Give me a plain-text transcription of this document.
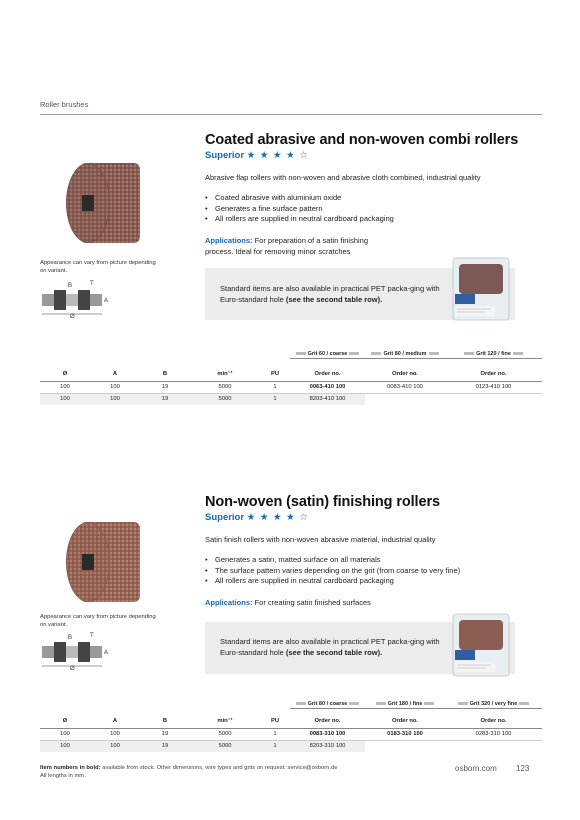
Roller brushes
Appearance can vary from picture depending on variant.
B	T
A
Ø
Coated abrasive and non-woven combi rollers
Superior ★ ★ ★ ★ ☆
Abrasive flap rollers with non-woven and abrasive cloth combined, industrial quality
• Coated abrasive with aluminium oxide
• Generates a fine surface pattern
• All rollers are supplied in neutral cardboard packaging
Applications: For preparation of a satin finishing process. Ideal for removing minor scratches
Standard items are also available in practical PET packa-ging with Euro-standard hole (see the second table row).
Grit 60 / coarse	Grit 80 / medium	Grit 120 / fine
Ø	A	B	min⁻¹	PU	Order no.	Order no.	Order no.
100	100	19	5000	1	0063-410 100	0083-410 100	0123-410 100
100	100	19	5000	1	8203-410 100		
Appearance can vary from picture depending on variant.
B	T
A
Ø
Non-woven (satin) finishing rollers
Superior ★ ★ ★ ★ ☆
Satin finish rollers with non-woven abrasive material, industrial quality
• Generates a satin, matted surface on all materials
• The surface pattern varies depending on the grit (from coarse to very fine)
• All rollers are supplied in neutral cardboard packaging
Applications: For creating satin finished surfaces
Standard items are also available in practical PET packa-ging with Euro-standard hole (see the second table row).
Grit 80 / coarse	Grit 180 / fine	Grit 320 / very fine
Ø	A	B	min⁻¹	PU	Order no.	Order no.	Order no.
100	100	19	5000	1	0083-310 100	0183-310 100	0283-310 100
100	100	19	5000	1	8203-310 100		
Item numbers in bold: available from stock. Other dimensions, wire types and grits on request: service@osborn.de
All lengths in mm.
osborn.com 123
